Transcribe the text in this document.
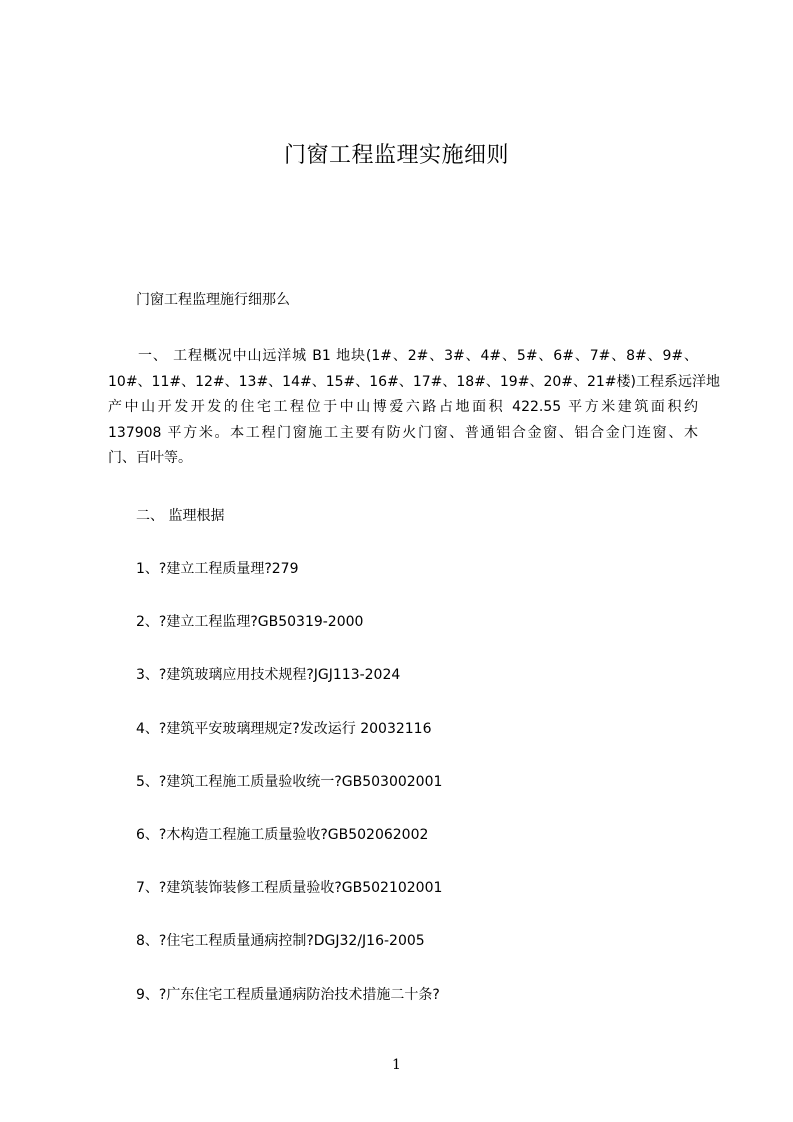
门窗工程监理实施细则
门窗工程监理施行细那么
一、 工程概况中山远洋城 B1 地块(1#、2#、3#、4#、5#、6#、7#、8#、9#、
10#、11#、12#、13#、14#、15#、16#、17#、18#、19#、20#、21#楼)工程系远洋地
产中山开发开发的住宅工程位于中山博爱六路占地面积 422.55 平方米建筑面积约
137908 平方米。本工程门窗施工主要有防火门窗、普通铝合金窗、铝合金门连窗、木
门、百叶等。
二、 监理根据
1、?建立工程质量理?279
2、?建立工程监理?GB50319-2000
3、?建筑玻璃应用技术规程?JGJ113-2024
4、?建筑平安玻璃理规定?发改运行 20032116
5、?建筑工程施工质量验收统一?GB503002001
6、?木构造工程施工质量验收?GB502062002
7、?建筑装饰装修工程质量验收?GB502102001
8、?住宅工程质量通病控制?DGJ32/J16-2005
9、?广东住宅工程质量通病防治技术措施二十条?
1
